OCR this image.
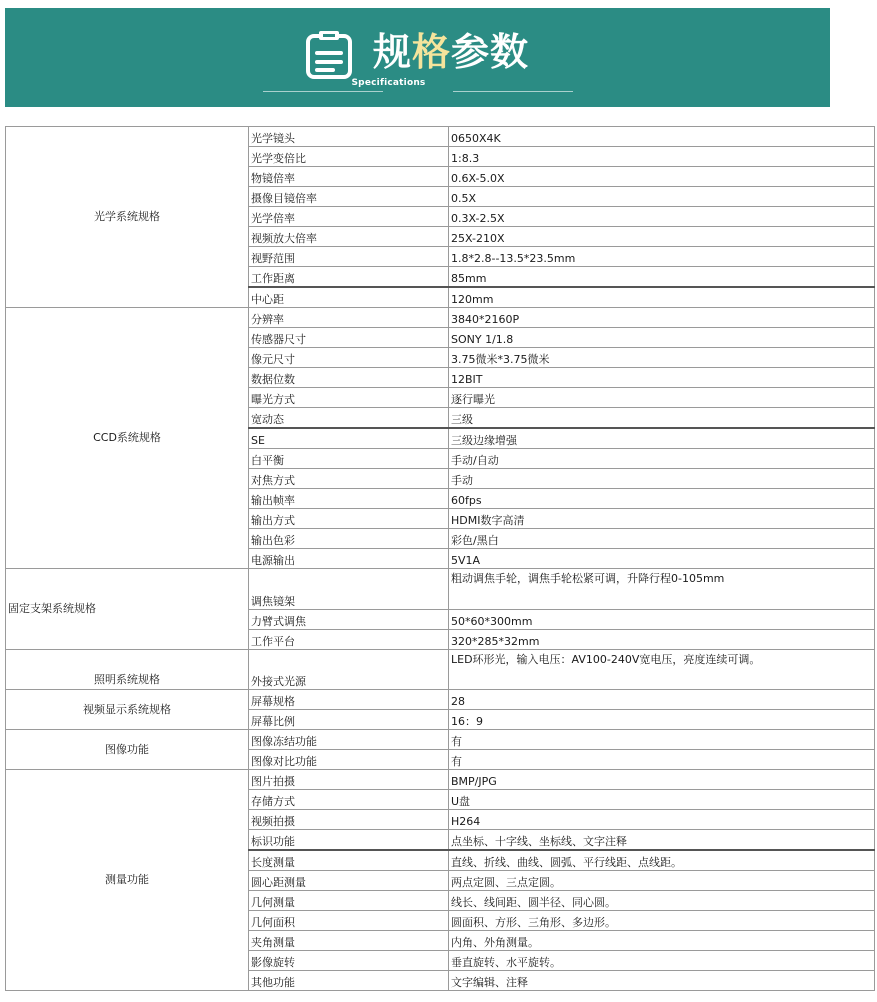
规格参数
Specifications
光学系统规格	光学镜头	0650X4K
	光学变倍比	1:8.3
	物镜倍率	0.6X-5.0X
	摄像目镜倍率	0.5X
	光学倍率	0.3X-2.5X
	视频放大倍率	25X-210X
	视野范围	1.8*2.8--13.5*23.5mm
	工作距离	85mm
	中心距	120mm
CCD系统规格	分辨率	3840*2160P
	传感器尺寸	SONY 1/1.8
	像元尺寸	3.75微米*3.75微米
	数据位数	12BIT
	曝光方式	逐行曝光
	宽动态	三级
	SE	三级边缘增强
	白平衡	手动/自动
	对焦方式	手动
	输出帧率	60fps
	输出方式	HDMI数字高清
	输出色彩	彩色/黑白
	电源输出	5V1A
固定支架系统规格	调焦镜架	粗动调焦手轮，调焦手轮松紧可调，升降行程0-105mm
	力臂式调焦	50*60*300mm
	工作平台	320*285*32mm
照明系统规格	外接式光源	LED环形光，输入电压：AV100-240V宽电压，亮度连续可调。
视频显示系统规格	屏幕规格	28
	屏幕比例	16：9
图像功能	图像冻结功能	有
	图像对比功能	有
测量功能	图片拍摄	BMP/JPG
	存储方式	U盘
	视频拍摄	H264
	标识功能	点坐标、十字线、坐标线、文字注释
	长度测量	直线、折线、曲线、圆弧、平行线距、点线距。
	圆心距测量	两点定圆、三点定圆。
	几何测量	线长、线间距、圆半径、同心圆。
	几何面积	圆面积、方形、三角形、多边形。
	夹角测量	内角、外角测量。
	影像旋转	垂直旋转、水平旋转。
	其他功能	文字编辑、注释
